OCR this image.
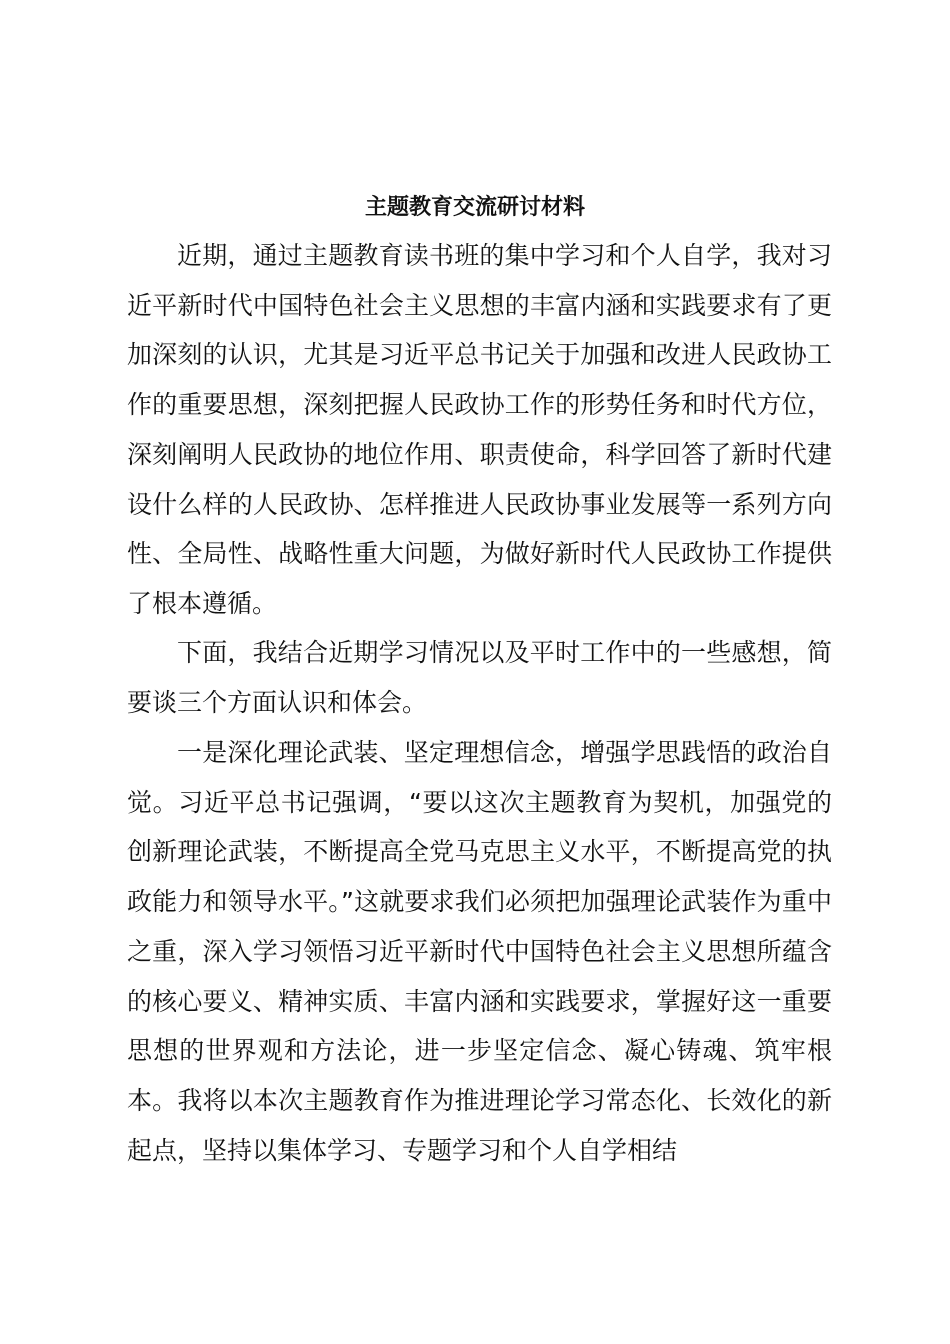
主题教育交流研讨材料

近期，通过主题教育读书班的集中学习和个人自学，我对习近平新时代中国特色社会主义思想的丰富内涵和实践要求有了更加深刻的认识，尤其是习近平总书记关于加强和改进人民政协工作的重要思想，深刻把握人民政协工作的形势任务和时代方位，深刻阐明人民政协的地位作用、职责使命，科学回答了新时代建设什么样的人民政协、怎样推进人民政协事业发展等一系列方向性、全局性、战略性重大问题，为做好新时代人民政协工作提供了根本遵循。

下面，我结合近期学习情况以及平时工作中的一些感想，简要谈三个方面认识和体会。

一是深化理论武装、坚定理想信念，增强学思践悟的政治自觉。习近平总书记强调，“要以这次主题教育为契机，加强党的创新理论武装，不断提高全党马克思主义水平，不断提高党的执政能力和领导水平。”这就要求我们必须把加强理论武装作为重中之重，深入学习领悟习近平新时代中国特色社会主义思想所蕴含的核心要义、精神实质、丰富内涵和实践要求，掌握好这一重要思想的世界观和方法论，进一步坚定信念、凝心铸魂、筑牢根本。我将以本次主题教育作为推进理论学习常态化、长效化的新起点，坚持以集体学习、专题学习和个人自学相结
